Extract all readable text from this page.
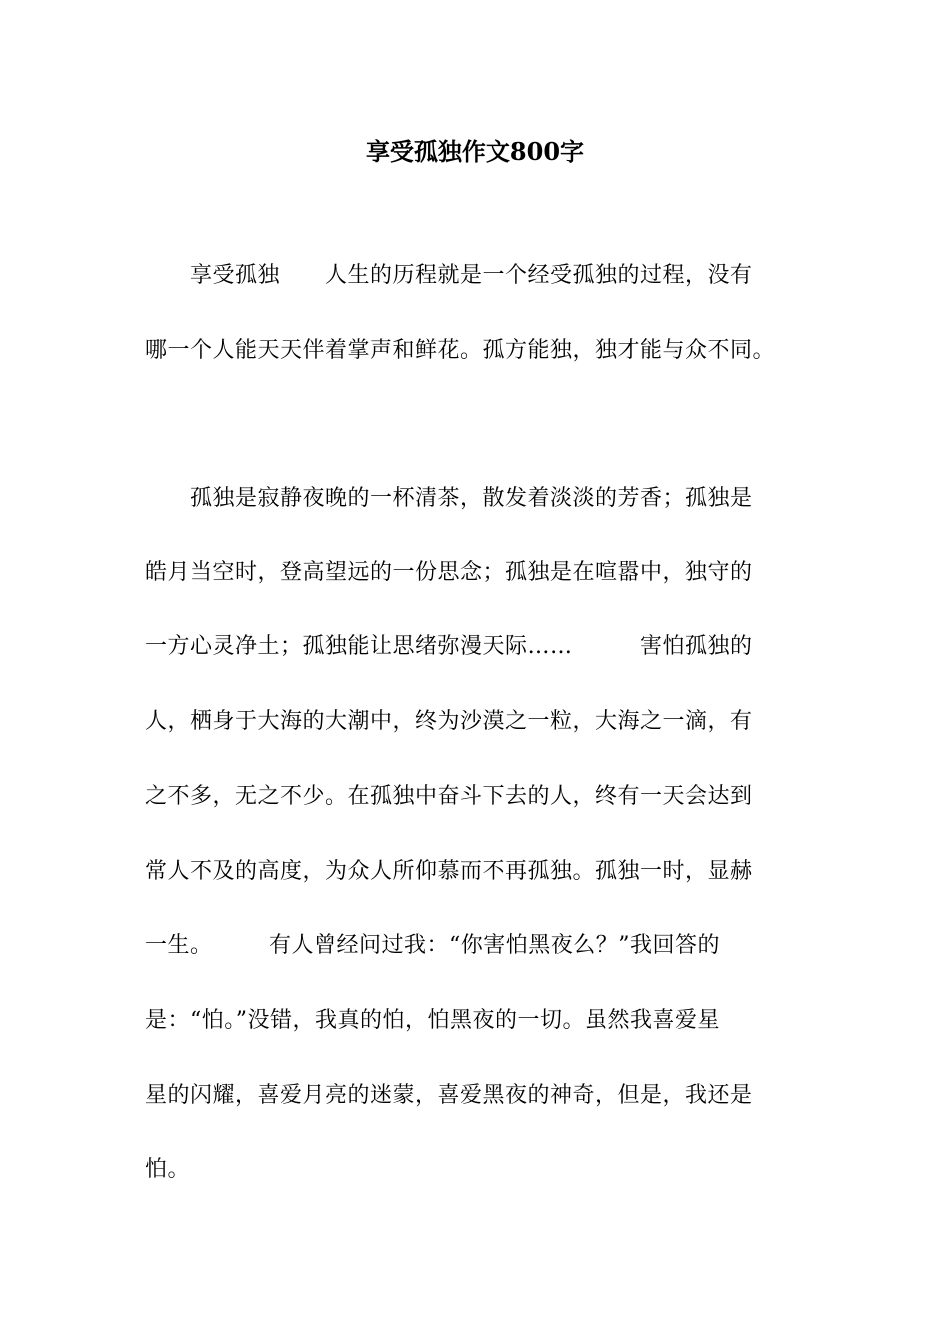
享受孤独作文800字
　　享受孤独　　人生的历程就是一个经受孤独的过程，没有
哪一个人能天天伴着掌声和鲜花。孤方能独，独才能与众不同。
　　孤独是寂静夜晚的一杯清茶，散发着淡淡的芳香；孤独是
皓月当空时，登高望远的一份思念；孤独是在喧嚣中，独守的
一方心灵净土；孤独能让思绪弥漫天际……　　　害怕孤独的
人，栖身于大海的大潮中，终为沙漠之一粒，大海之一滴，有
之不多，无之不少。在孤独中奋斗下去的人，终有一天会达到
常人不及的高度，为众人所仰慕而不再孤独。孤独一时，显赫
一生。　　　有人曾经问过我：“你害怕黑夜么？”我回答的
是：“怕。”没错，我真的怕，怕黑夜的一切。虽然我喜爱星
星的闪耀，喜爱月亮的迷蒙，喜爱黑夜的神奇，但是，我还是
怕。
